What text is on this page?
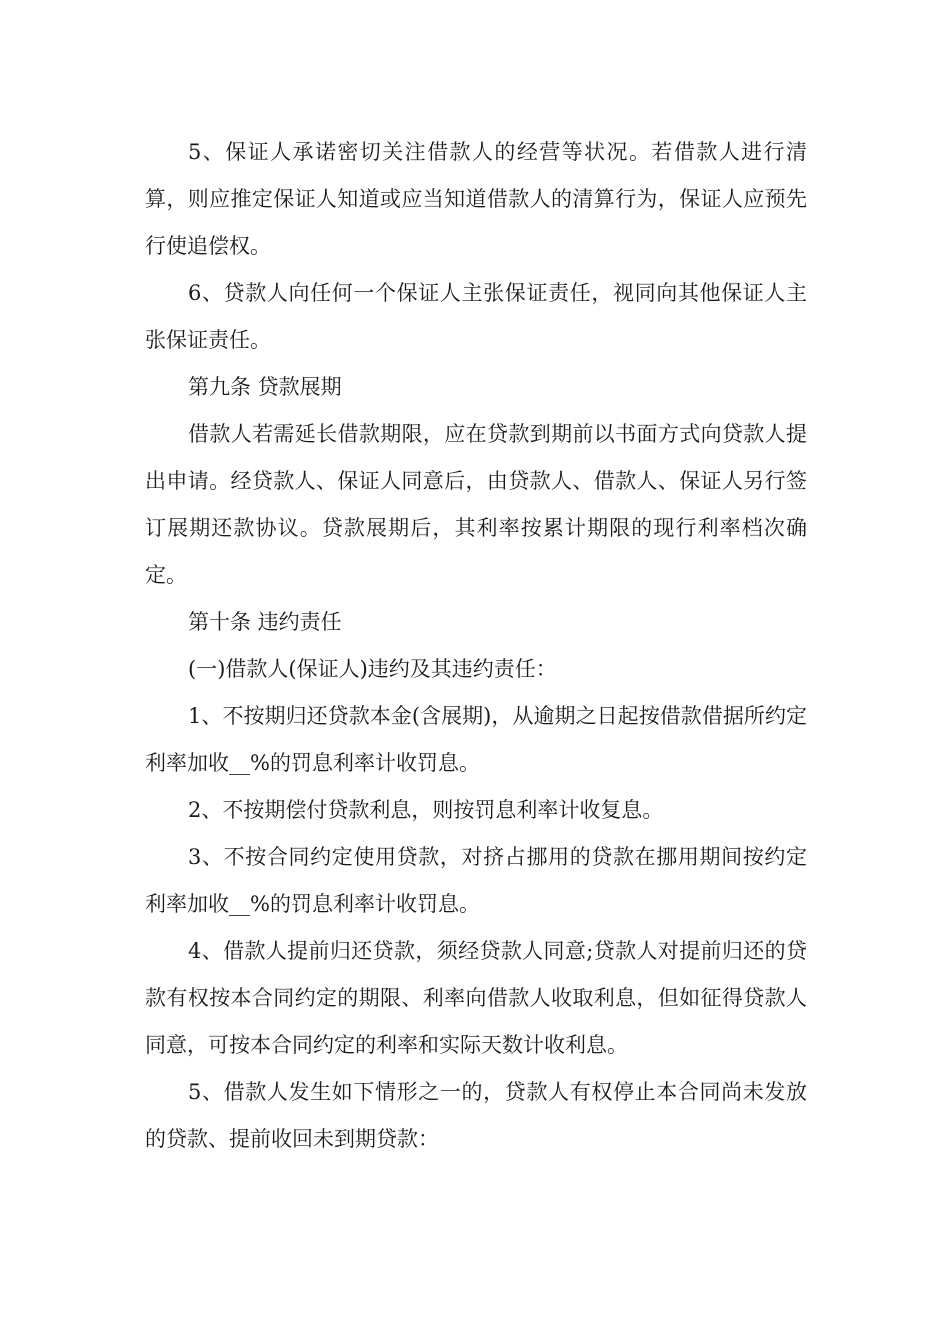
5、保证人承诺密切关注借款人的经营等状况。若借款人进行清算，则应推定保证人知道或应当知道借款人的清算行为，保证人应预先行使追偿权。

6、贷款人向任何一个保证人主张保证责任，视同向其他保证人主张保证责任。

第九条 贷款展期

借款人若需延长借款期限，应在贷款到期前以书面方式向贷款人提出申请。经贷款人、保证人同意后，由贷款人、借款人、保证人另行签订展期还款协议。贷款展期后，其利率按累计期限的现行利率档次确定。

第十条 违约责任

(一)借款人(保证人)违约及其违约责任：

1、不按期归还贷款本金(含展期)，从逾期之日起按借款借据所约定利率加收__%的罚息利率计收罚息。

2、不按期偿付贷款利息，则按罚息利率计收复息。

3、不按合同约定使用贷款，对挤占挪用的贷款在挪用期间按约定利率加收__%的罚息利率计收罚息。

4、借款人提前归还贷款，须经贷款人同意;贷款人对提前归还的贷款有权按本合同约定的期限、利率向借款人收取利息，但如征得贷款人同意，可按本合同约定的利率和实际天数计收利息。

5、借款人发生如下情形之一的，贷款人有权停止本合同尚未发放的贷款、提前收回未到期贷款：
